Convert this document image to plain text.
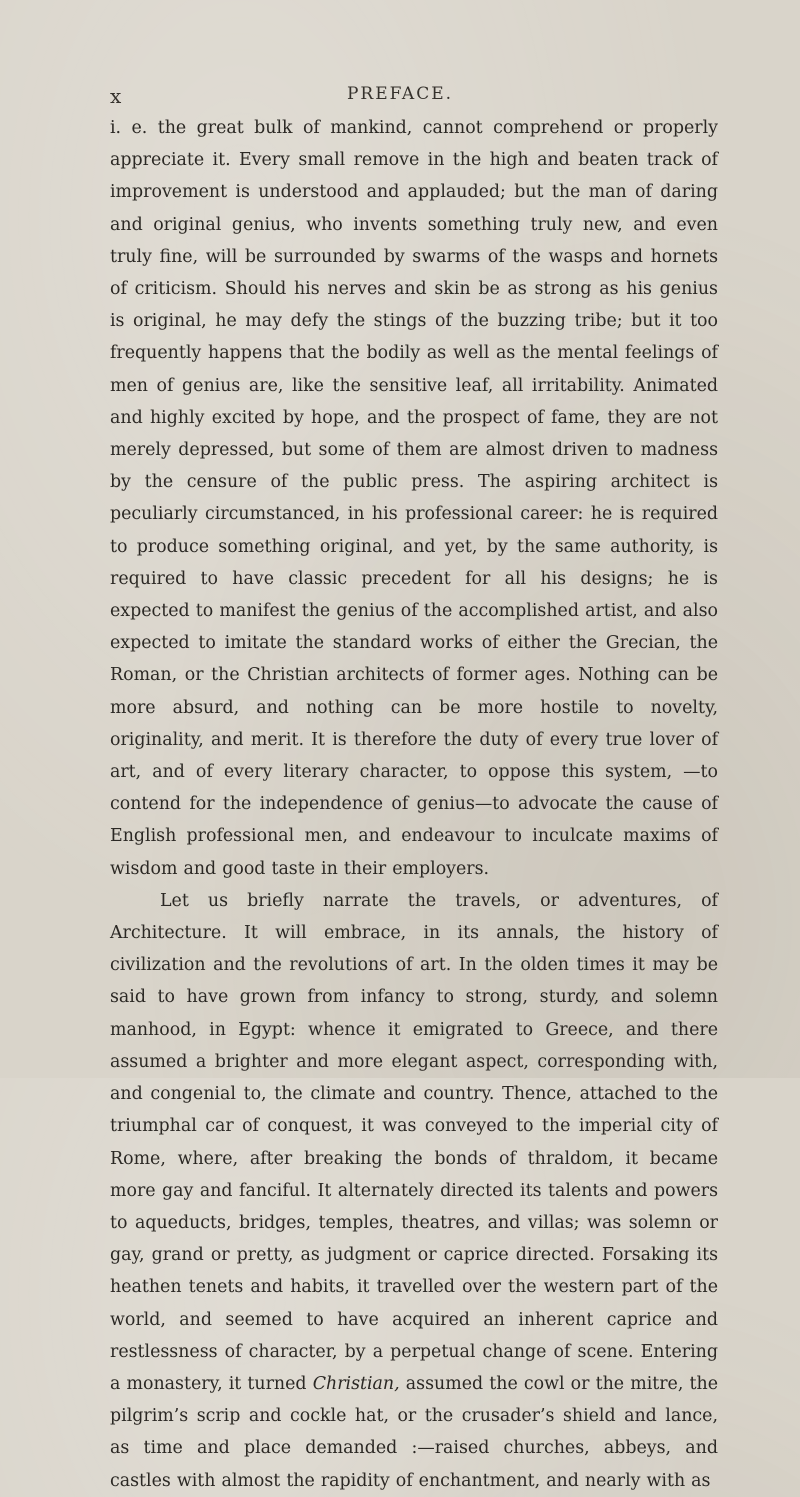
x	PREFACE.

i. e. the great bulk of mankind, cannot comprehend or properly appreciate it. Every small remove in the high and beaten track of improvement is understood and applauded; but the man of daring and original genius, who invents something truly new, and even truly fine, will be surrounded by swarms of the wasps and hornets of criticism. Should his nerves and skin be as strong as his genius is original, he may defy the stings of the buzzing tribe; but it too frequently happens that the bodily as well as the mental feelings of men of genius are, like the sensitive leaf, all irritability. Animated and highly excited by hope, and the prospect of fame, they are not merely depressed, but some of them are almost driven to madness by the censure of the public press. The aspiring architect is peculiarly circumstanced, in his professional career: he is required to produce something original, and yet, by the same authority, is required to have classic precedent for all his designs; he is expected to manifest the genius of the accomplished artist, and also expected to imitate the standard works of either the Grecian, the Roman, or the Christian architects of former ages. Nothing can be more absurd, and nothing can be more hostile to novelty, originality, and merit. It is therefore the duty of every true lover of art, and of every literary character, to oppose this system, —to contend for the independence of genius—to advocate the cause of English professional men, and endeavour to inculcate maxims of wisdom and good taste in their employers.

Let us briefly narrate the travels, or adventures, of Architecture. It will embrace, in its annals, the history of civilization and the revolutions of art. In the olden times it may be said to have grown from infancy to strong, sturdy, and solemn manhood, in Egypt: whence it emigrated to Greece, and there assumed a brighter and more elegant aspect, corresponding with, and congenial to, the climate and country. Thence, attached to the triumphal car of conquest, it was conveyed to the imperial city of Rome, where, after breaking the bonds of thraldom, it became more gay and fanciful. It alternately directed its talents and powers to aqueducts, bridges, temples, theatres, and villas; was solemn or gay, grand or pretty, as judgment or caprice directed. Forsaking its heathen tenets and habits, it travelled over the western part of the world, and seemed to have acquired an inherent caprice and restlessness of character, by a perpetual change of scene. Entering a monastery, it turned Christian, assumed the cowl or the mitre, the pilgrim’s scrip and cockle hat, or the crusader’s shield and lance, as time and place demanded :—raised churches, abbeys, and castles with almost the rapidity of enchantment, and nearly with as
